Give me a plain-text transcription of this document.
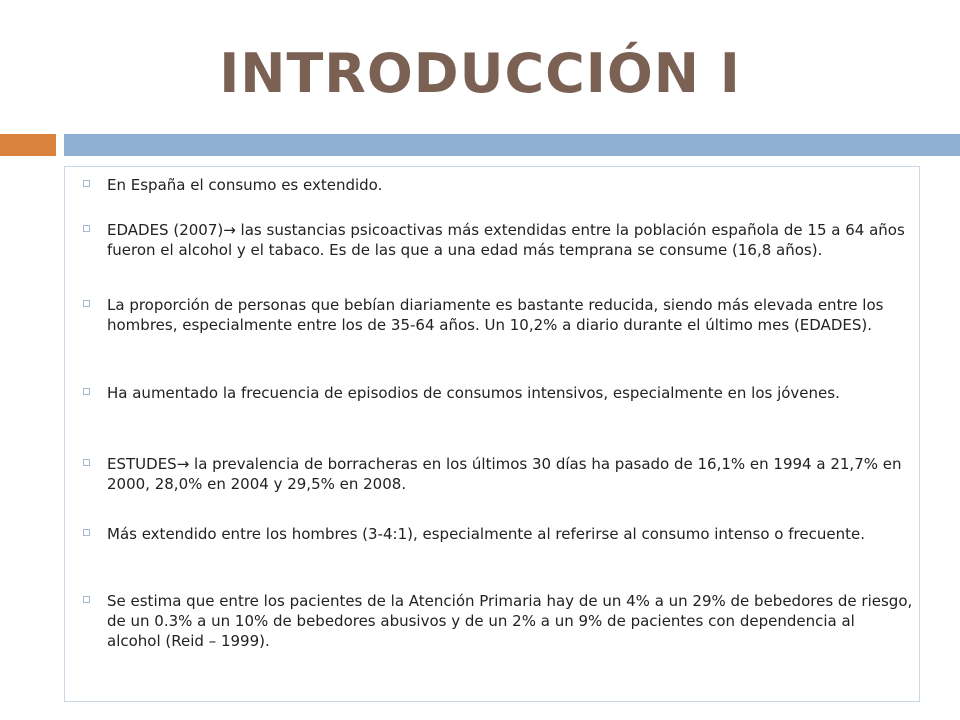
INTRODUCCIÓN I
En España el consumo es extendido.
EDADES (2007)→ las sustancias psicoactivas más extendidas entre la población española de 15 a 64 años fueron el alcohol y el tabaco. Es de las que a una edad más temprana se consume (16,8 años).
La proporción de personas que bebían diariamente es bastante reducida, siendo más elevada entre los hombres, especialmente entre los de 35-64 años. Un 10,2% a diario durante el último mes (EDADES).
Ha aumentado la frecuencia de episodios de consumos intensivos, especialmente en los jóvenes.
ESTUDES→ la prevalencia de borracheras en los últimos 30 días ha pasado de 16,1% en 1994 a 21,7% en 2000, 28,0% en 2004 y 29,5% en 2008.
Más extendido entre los hombres (3-4:1), especialmente al referirse al consumo intenso o frecuente.
Se estima que entre los pacientes de la Atención Primaria hay de un 4% a un 29% de bebedores de riesgo, de un 0.3% a un 10% de bebedores abusivos y de un 2% a un 9% de pacientes con dependencia al alcohol (Reid – 1999).
